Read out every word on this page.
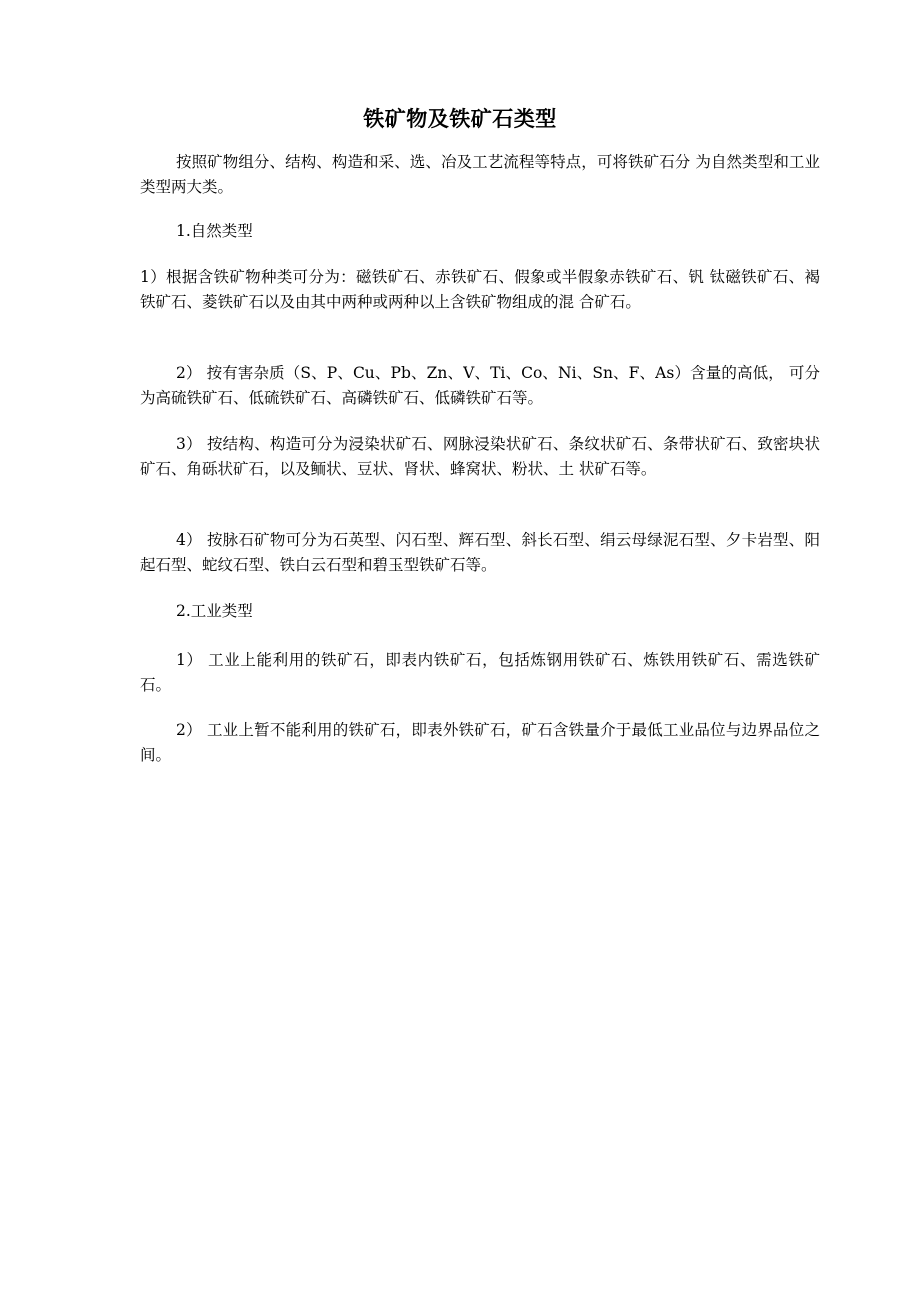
铁矿物及铁矿石类型

按照矿物组分、结构、构造和采、选、冶及工艺流程等特点，可将铁矿石分 为自然类型和工业类型两大类。

1.自然类型

1）根据含铁矿物种类可分为：磁铁矿石、赤铁矿石、假象或半假象赤铁矿石、钒 钛磁铁矿石、褐铁矿石、菱铁矿石以及由其中两种或两种以上含铁矿物组成的混 合矿石。

2） 按有害杂质（S、P、Cu、Pb、Zn、V、Ti、Co、Ni、Sn、F、As）含量的高低， 可分为高硫铁矿石、低硫铁矿石、高磷铁矿石、低磷铁矿石等。

3） 按结构、构造可分为浸染状矿石、网脉浸染状矿石、条纹状矿石、条带状矿石、致密块状矿石、角砾状矿石，以及鲕状、豆状、肾状、蜂窝状、粉状、土 状矿石等。

4） 按脉石矿物可分为石英型、闪石型、辉石型、斜长石型、绢云母绿泥石型、夕卡岩型、阳起石型、蛇纹石型、铁白云石型和碧玉型铁矿石等。

2.工业类型

1） 工业上能利用的铁矿石，即表内铁矿石，包括炼钢用铁矿石、炼铁用铁矿石、需选铁矿石。

2） 工业上暂不能利用的铁矿石，即表外铁矿石，矿石含铁量介于最低工业品位与边界品位之间。
